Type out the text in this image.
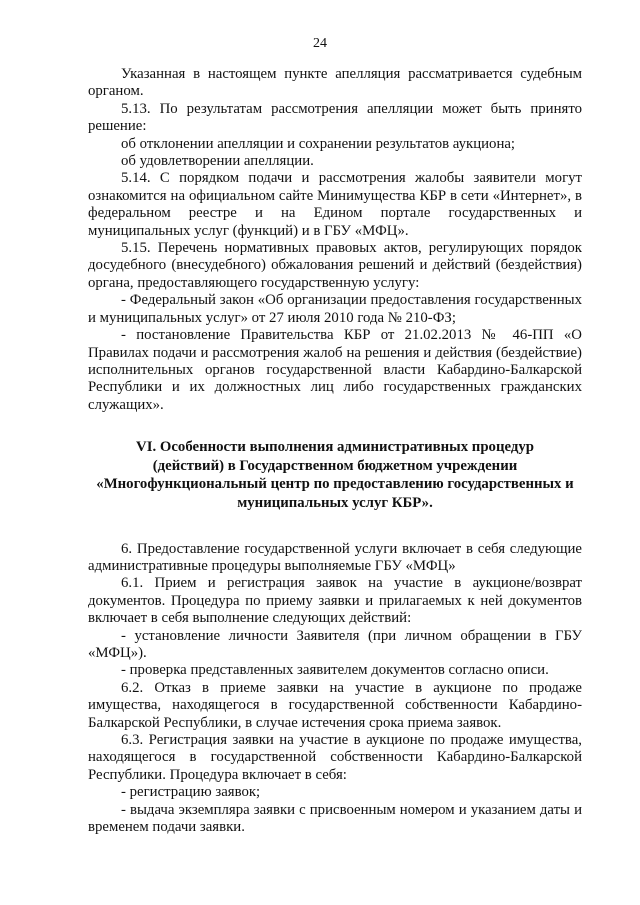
24

Указанная в настоящем пункте апелляция рассматривается судебным органом.

5.13. По результатам рассмотрения апелляции может быть принято решение:

об отклонении апелляции и сохранении результатов аукциона;

об удовлетворении апелляции.

5.14. С порядком подачи и рассмотрения жалобы заявители могут ознакомится на официальном сайте Минимущества КБР в сети «Интернет», в федеральном реестре и на Едином портале государственных и муниципальных услуг (функций) и в ГБУ «МФЦ».

5.15. Перечень нормативных правовых актов, регулирующих порядок досудебного (внесудебного) обжалования решений и действий (бездействия) органа, предоставляющего государственную услугу:

- Федеральный закон «Об организации предоставления государственных и муниципальных услуг» от 27 июля 2010 года № 210-ФЗ;

- постановление Правительства КБР от 21.02.2013 № 46-ПП «О Правилах подачи и рассмотрения жалоб на решения и действия (бездействие) исполнительных органов государственной власти Кабардино-Балкарской Республики и их должностных лиц либо государственных гражданских служащих».

VI. Особенности выполнения административных процедур
(действий) в Государственном бюджетном учреждении
«Многофункциональный центр по предоставлению государственных и
муниципальных услуг КБР».

6. Предоставление государственной услуги включает в себя следующие административные процедуры выполняемые ГБУ «МФЦ»

6.1. Прием и регистрация заявок на участие в аукционе/возврат документов. Процедура по приему заявки и прилагаемых к ней документов включает в себя выполнение следующих действий:

- установление личности Заявителя (при личном обращении в ГБУ «МФЦ»).

- проверка представленных заявителем документов согласно описи.

6.2. Отказ в приеме заявки на участие в аукционе по продаже имущества, находящегося в государственной собственности Кабардино-Балкарской Республики, в случае истечения срока приема заявок.

6.3. Регистрация заявки на участие в аукционе по продаже имущества, находящегося в государственной собственности Кабардино-Балкарской Республики. Процедура включает в себя:

- регистрацию заявок;

- выдача экземпляра заявки с присвоенным номером и указанием даты и временем подачи заявки.
